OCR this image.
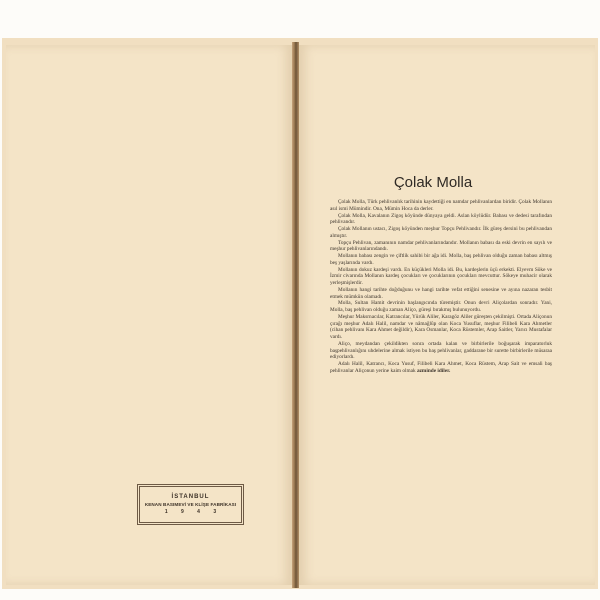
İSTANBUL
KENAN BASIMEVİ VE KLİŞE FABRİKASI
1 9 4 3
Çolak Molla

Çolak Molla, Türk pehlivanlık tarihinin kaydettiği en namdar pehlivanlardan biridir. Çolak Mollanın asıl ismi Mümindir. Ona, Mümin Hoca da derler.

Çolak Molla, Kavalanın Zigoş köyünde dünyaya geldi. Aslan köylüdür. Babası ve dedesi tarafından pehlivandır.

Çolak Mollanın ustacı, Zigoş köyünden meşhur Topçu Pehlivandır. İlk güreş dersini bu pehlivandan almıştır.

Topçu Pehlivan, zamanının namdar pehlivanlarındandır. Mollanın babası da eski devrin en sayılı ve meşhur pehlivanlarındandı.

Mollanın babası zengin ve çiftlik sahibi bir ağa idi. Molla, baş pehlivan olduğu zaman babası altmış beş yaşlarında vardı.

Mollanın dokuz kardeşi vardı. En küçükleri Molla idi. Bu, kardeşlerin üçü erkekti. Elyevm Söke ve İzmir civarında Mollanın kardeş çocukları ve çocuklarının çocukları mevcuttur. Sökeye muhacir olarak yerleşmişlerdir.

Mollanın hangi tarihte doğduğunu ve hangi tarihte vefat ettiğini senesine ve ayına nazaran tesbit etmek mümkün olamadı.

Molla, Sultan Hamit devrinin başlangıcında türemiştir. Onun devri Aliçolardan sonradır. Yani, Molla, baş pehlivan olduğu zaman Aliço, güreşi bırakmış bulunuyordu.

Meşhur Maksrnacılar, Katrancılar, Yürük Aliler, Karagöz Aliler güreşten çekilmişti. Ortada Aliçonun çırağı meşhur Adalı Halil, namdar ve nâmağlûp olan Koca Yusuflar, meşhur Filibeli Kara Ahmetler (cihan pehlivanı Kara Ahmet değildir), Kara Osmanlar, Koca Rüstemler, Arap Saitler, Yarıcı Mustafalar vardı.

Aliço, meydandan çekildikten sonra ortada kalan ve birbirlerile boğuşarak imparatorluk başpehlivanlığını uhdelerine almak istiyen bu baş pehlivanlar, gaddarane bir surette birbirlerile müsaraa ediyorlardı.

Adalı Halil, Katrancı, Koca Yusuf, Filibeli Kara Ahmet, Koca Rüstem, Arap Sait ve emsali baş pehlivanlar Aliçonun yerine kaim olmak azminde idiler.
